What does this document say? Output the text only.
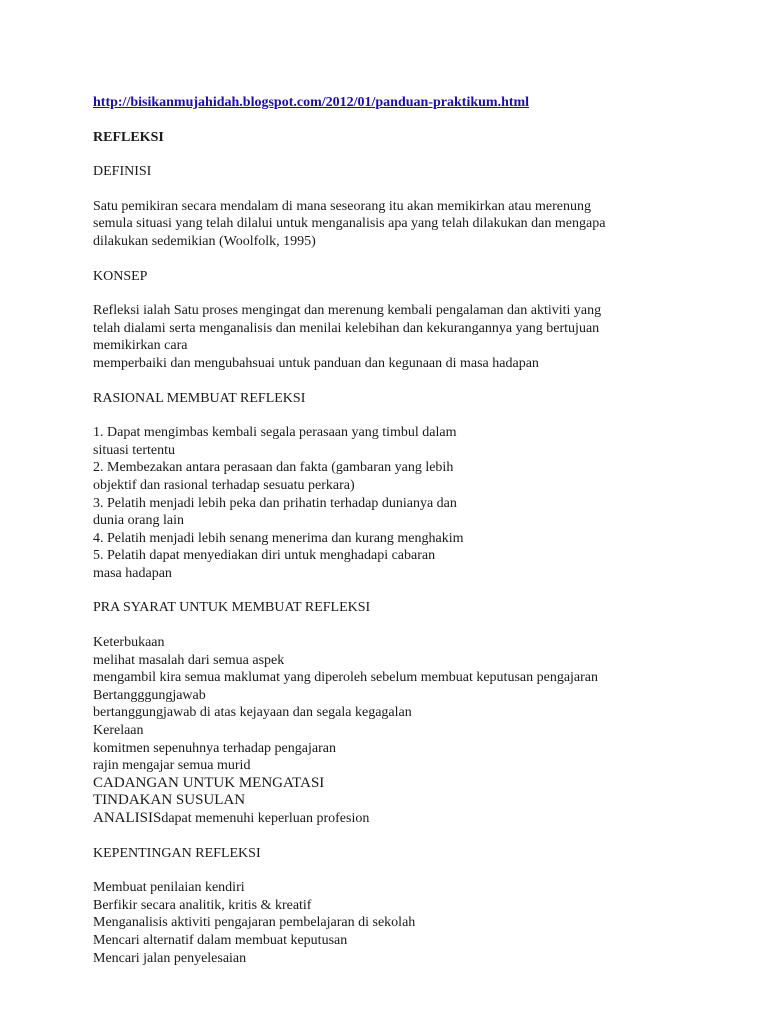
http://bisikanmujahidah.blogspot.com/2012/01/panduan-praktikum.html
REFLEKSI
DEFINISI
Satu pemikiran secara mendalam di mana seseorang itu akan memikirkan atau merenung
semula situasi yang telah dilalui untuk menganalisis apa yang telah dilakukan dan mengapa
dilakukan sedemikian (Woolfolk, 1995)
KONSEP
Refleksi ialah Satu proses mengingat dan merenung kembali pengalaman dan aktiviti yang
telah dialami serta menganalisis dan menilai kelebihan dan kekurangannya yang bertujuan
memikirkan cara
memperbaiki dan mengubahsuai untuk panduan dan kegunaan di masa hadapan
RASIONAL MEMBUAT REFLEKSI
1. Dapat mengimbas kembali segala perasaan yang timbul dalam
situasi tertentu
2. Membezakan antara perasaan dan fakta (gambaran yang lebih
objektif dan rasional terhadap sesuatu perkara)
3. Pelatih menjadi lebih peka dan prihatin terhadap dunianya dan
dunia orang lain
4. Pelatih menjadi lebih senang menerima dan kurang menghakim
5. Pelatih dapat menyediakan diri untuk menghadapi cabaran
masa hadapan
PRA SYARAT UNTUK MEMBUAT REFLEKSI
Keterbukaan
melihat masalah dari semua aspek
mengambil kira semua maklumat yang diperoleh sebelum membuat keputusan pengajaran
Bertangggungjawab
bertanggungjawab di atas kejayaan dan segala kegagalan
Kerelaan
komitmen sepenuhnya terhadap pengajaran
rajin mengajar semua murid
CADANGAN UNTUK MENGATASI
TINDAKAN SUSULAN
ANALISISdapat memenuhi keperluan profesion
KEPENTINGAN REFLEKSI
Membuat penilaian kendiri
Berfikir secara analitik, kritis & kreatif
Menganalisis aktiviti pengajaran pembelajaran di sekolah
Mencari alternatif dalam membuat keputusan
Mencari jalan penyelesaian
